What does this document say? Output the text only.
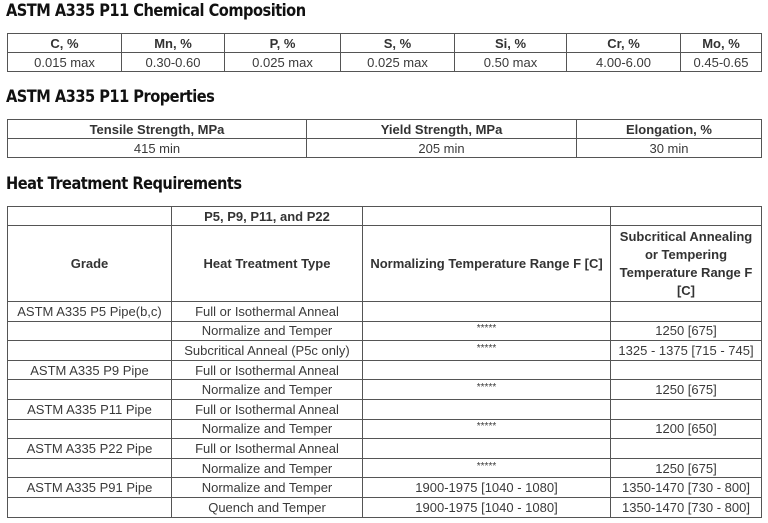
ASTM A335 P11 Chemical Composition
C, %	Mn, %	P, %	S, %	Si, %	Cr, %	Mo, %
0.015 max	0.30-0.60	0.025 max	0.025 max	0.50 max	4.00-6.00	0.45-0.65
ASTM A335 P11 Properties
Tensile Strength, MPa	Yield Strength, MPa	Elongation, %
415 min	205 min	30 min
Heat Treatment Requirements
	P5, P9, P11, and P22		
Grade	Heat Treatment Type	Normalizing Temperature Range F [C]	Subcritical Annealing or Tempering Temperature Range F [C]
ASTM A335 P5 Pipe(b,c)	Full or Isothermal Anneal		
	Normalize and Temper	*****	1250 [675]
	Subcritical Anneal (P5c only)	*****	1325 - 1375 [715 - 745]
ASTM A335 P9 Pipe	Full or Isothermal Anneal		
	Normalize and Temper	*****	1250 [675]
ASTM A335 P11 Pipe	Full or Isothermal Anneal		
	Normalize and Temper	*****	1200 [650]
ASTM A335 P22 Pipe	Full or Isothermal Anneal		
	Normalize and Temper	*****	1250 [675]
ASTM A335 P91 Pipe	Normalize and Temper	1900-1975 [1040 - 1080]	1350-1470 [730 - 800]
	Quench and Temper	1900-1975 [1040 - 1080]	1350-1470 [730 - 800]
